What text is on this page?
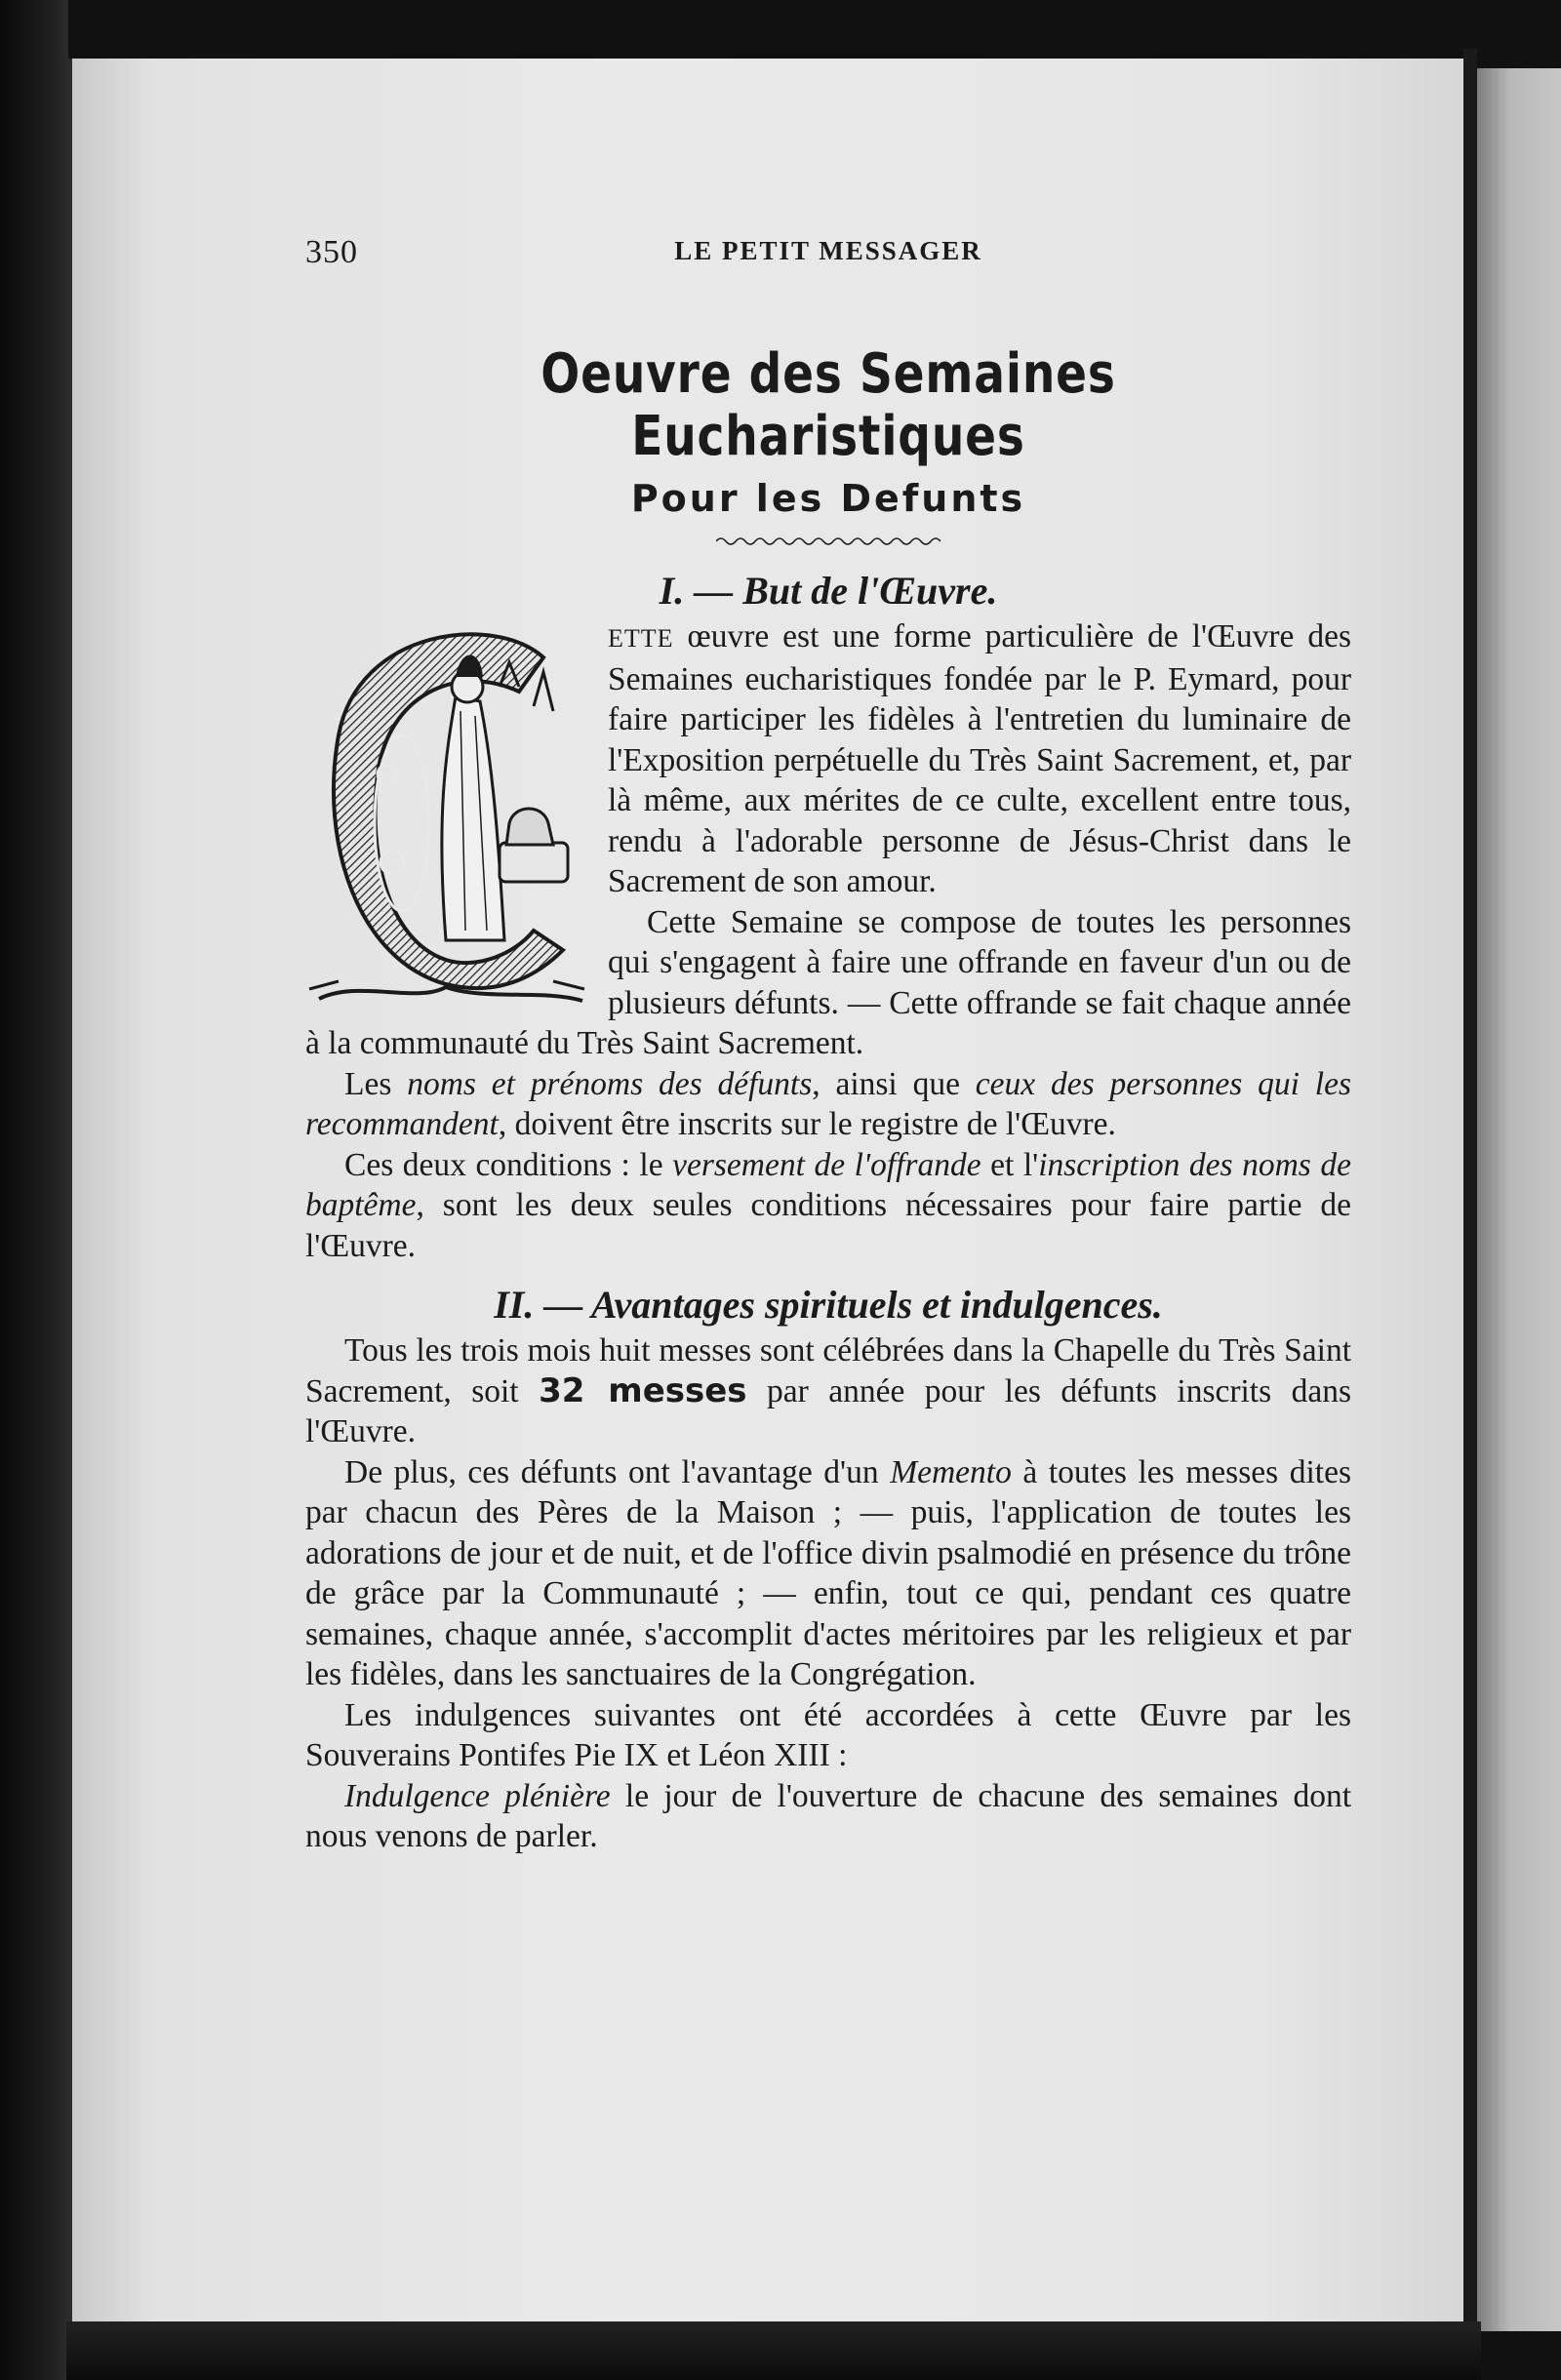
350	LE PETIT MESSAGER
Oeuvre des Semaines Eucharistiques
Pour les Defunts
I. — But de l'Œuvre.

ETTE œuvre est une forme particulière de l'Œuvre des Semaines eucharistiques fondée par le P. Eymard, pour faire participer les fidèles à l'entretien du luminaire de l'Exposition perpétuelle du Très Saint Sacrement, et, par là même, aux mérites de ce culte, excellent entre tous, rendu à l'adorable personne de Jésus-Christ dans le Sacrement de son amour.

Cette Semaine se compose de toutes les personnes qui s'engagent à faire une offrande en faveur d'un ou de plusieurs défunts. — Cette offrande se fait chaque année à la communauté du Très Saint Sacrement.

Les noms et prénoms des défunts, ainsi que ceux des personnes qui les recommandent, doivent être inscrits sur le registre de l'Œuvre.

Ces deux conditions : le versement de l'offrande et l'inscription des noms de baptême, sont les deux seules conditions nécessaires pour faire partie de l'Œuvre.

II. — Avantages spirituels et indulgences.

Tous les trois mois huit messes sont célébrées dans la Chapelle du Très Saint Sacrement, soit 32 messes par année pour les défunts inscrits dans l'Œuvre.

De plus, ces défunts ont l'avantage d'un Memento à toutes les messes dites par chacun des Pères de la Maison ; — puis, l'application de toutes les adorations de jour et de nuit, et de l'office divin psalmodié en présence du trône de grâce par la Communauté ; — enfin, tout ce qui, pendant ces quatre semaines, chaque année, s'accomplit d'actes méritoires par les religieux et par les fidèles, dans les sanctuaires de la Congrégation.

Les indulgences suivantes ont été accordées à cette Œuvre par les Souverains Pontifes Pie IX et Léon XIII :

Indulgence plénière le jour de l'ouverture de chacune des semaines dont nous venons de parler.
